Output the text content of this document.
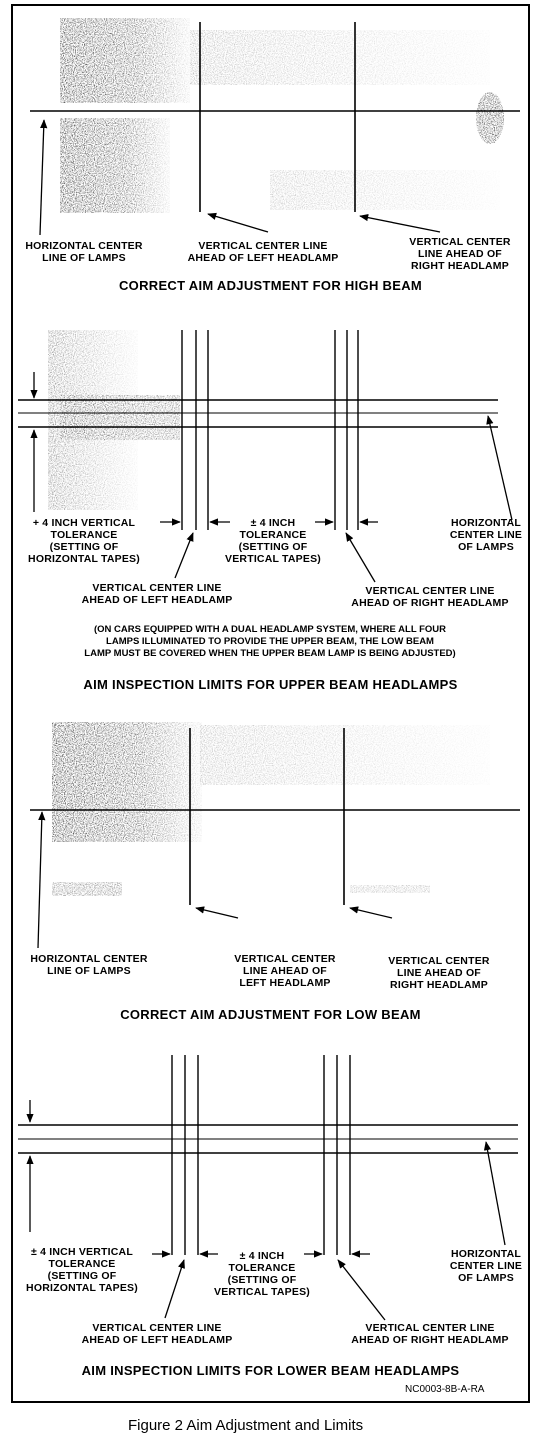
HORIZONTAL CENTER
LINE OF LAMPS
VERTICAL CENTER LINE
AHEAD OF LEFT HEADLAMP
VERTICAL CENTER
LINE AHEAD OF
RIGHT HEADLAMP
CORRECT AIM ADJUSTMENT FOR HIGH BEAM
+ 4 INCH VERTICAL
TOLERANCE
(SETTING OF
HORIZONTAL TAPES)
± 4 INCH
TOLERANCE
(SETTING OF
VERTICAL TAPES)
HORIZONTAL
CENTER LINE
OF LAMPS
VERTICAL CENTER LINE
AHEAD OF LEFT HEADLAMP
VERTICAL CENTER LINE
AHEAD OF RIGHT HEADLAMP
(ON CARS EQUIPPED WITH A DUAL HEADLAMP SYSTEM, WHERE ALL FOUR
LAMPS ILLUMINATED TO PROVIDE THE UPPER BEAM, THE LOW BEAM
LAMP MUST BE COVERED WHEN THE UPPER BEAM LAMP IS BEING ADJUSTED)
AIM INSPECTION LIMITS FOR UPPER BEAM HEADLAMPS
HORIZONTAL CENTER
LINE OF LAMPS
VERTICAL CENTER
LINE AHEAD OF
LEFT HEADLAMP
VERTICAL CENTER
LINE AHEAD OF
RIGHT HEADLAMP
CORRECT AIM ADJUSTMENT FOR LOW BEAM
± 4 INCH VERTICAL
TOLERANCE
(SETTING OF
HORIZONTAL TAPES)
± 4 INCH
TOLERANCE
(SETTING OF
VERTICAL TAPES)
HORIZONTAL
CENTER LINE
OF LAMPS
VERTICAL CENTER LINE
AHEAD OF LEFT HEADLAMP
VERTICAL CENTER LINE
AHEAD OF RIGHT HEADLAMP
AIM INSPECTION LIMITS FOR LOWER BEAM HEADLAMPS
NC0003-8B-A-RA
Figure 2 Aim Adjustment and Limits
